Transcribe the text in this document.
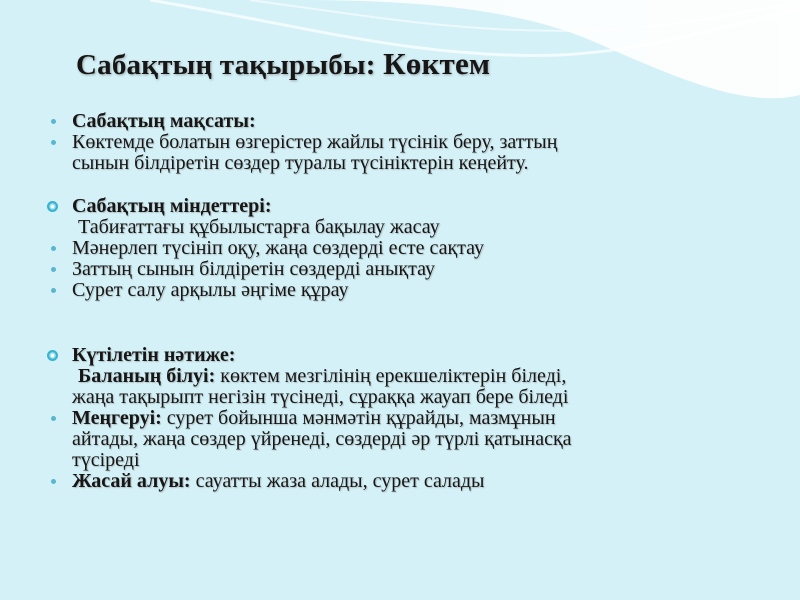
Сабақтың тақырыбы: Көктем
Сабақтың мақсаты:
Көктемде болатын өзгерістер жайлы түсінік беру, заттың
сынын білдіретін сөздер туралы түсініктерін кеңейту.
Сабақтың міндеттері:
Табиғаттағы құбылыстарға бақылау жасау
Мәнерлеп түсініп оқу, жаңа сөздерді есте сақтау
Заттың сынын білдіретін сөздерді анықтау
Сурет салу арқылы әңгіме құрау
Күтілетін нәтиже:
Баланың білуі: көктем мезгілінің ерекшеліктерін біледі,
жаңа тақырыпт негізін түсінеді, сұраққа жауап бере біледі
Меңгеруі: сурет бойынша мәнмәтін құрайды, мазмұнын
айтады, жаңа сөздер үйренеді, сөздерді әр түрлі қатынасқа
түсіреді
Жасай алуы: сауатты жаза алады, сурет салады
